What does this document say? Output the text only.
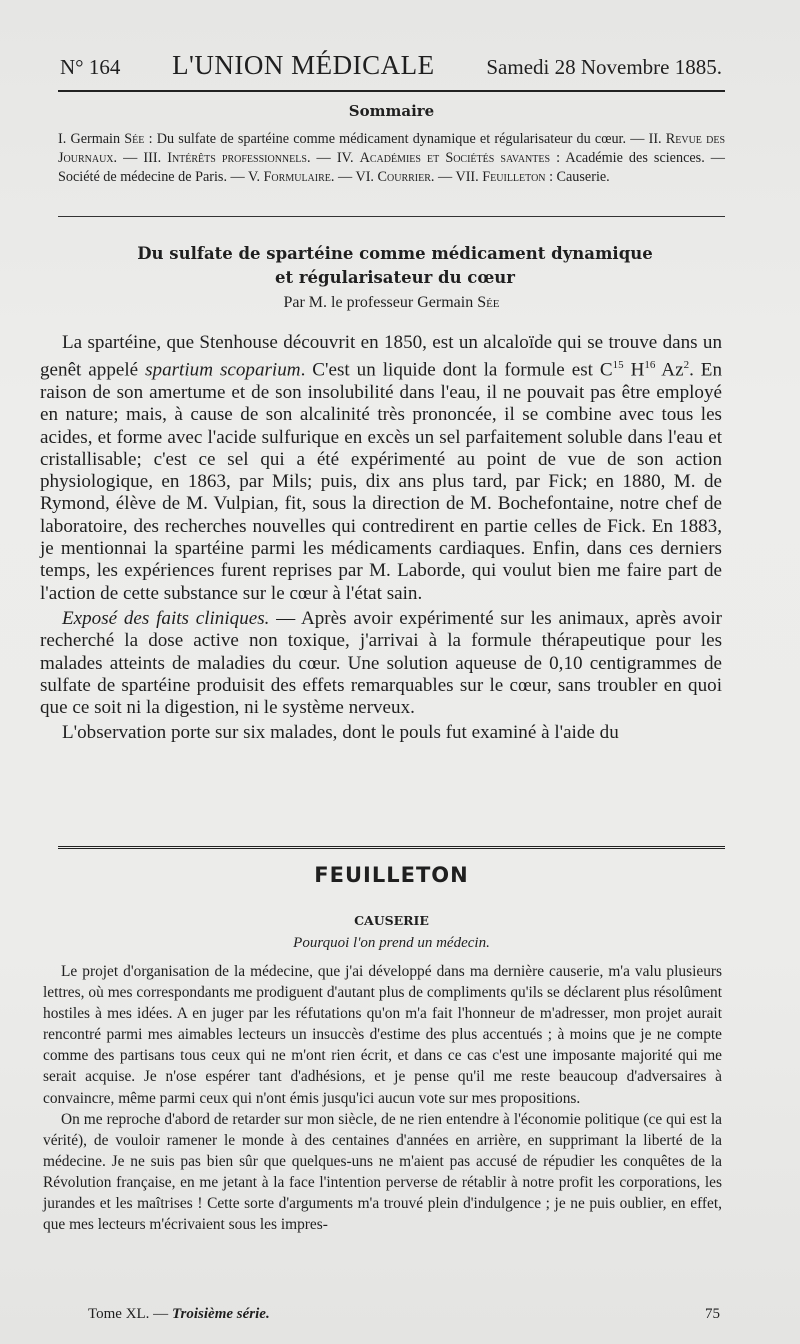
N° 164 L'UNION MÉDICALE Samedi 28 Novembre 1885.
Sommaire
I. Germain Sée : Du sulfate de spartéine comme médicament dynamique et régularisateur du cœur. — II. Revue des Journaux. — III. Intérêts professionnels. — IV. Académies et Sociétés savantes : Académie des sciences. — Société de médecine de Paris. — V. Formulaire. — VI. Courrier. — VII. Feuilleton : Causerie.
Du sulfate de spartéine comme médicament dynamique
et régularisateur du cœur
Par M. le professeur Germain Sée

La spartéine, que Stenhouse découvrit en 1850, est un alcaloïde qui se trouve dans un genêt appelé spartium scoparium. C'est un liquide dont la formule est $C^{15}$ $H^{16}$ Az$^2$. En raison de son amertume et de son insolubilité dans l'eau, il ne pouvait pas être employé en nature; mais, à cause de son alcalinité très prononcée, il se combine avec tous les acides, et forme avec l'acide sulfurique en excès un sel parfaitement soluble dans l'eau et cristallisable; c'est ce sel qui a été expérimenté au point de vue de son action physiologique, en 1863, par Mils; puis, dix ans plus tard, par Fick; en 1880, M. de Rymond, élève de M. Vulpian, fit, sous la direction de M. Bochefontaine, notre chef de laboratoire, des recherches nouvelles qui contredirent en partie celles de Fick. En 1883, je mentionnai la spartéine parmi les médicaments cardiaques. Enfin, dans ces derniers temps, les expériences furent reprises par M. Laborde, qui voulut bien me faire part de l'action de cette substance sur le cœur à l'état sain.

Exposé des faits cliniques. — Après avoir expérimenté sur les animaux, après avoir recherché la dose active non toxique, j'arrivai à la formule thérapeutique pour les malades atteints de maladies du cœur. Une solution aqueuse de 0,10 centigrammes de sulfate de spartéine produisit des effets remarquables sur le cœur, sans troubler en quoi que ce soit ni la digestion, ni le système nerveux.

L'observation porte sur six malades, dont le pouls fut examiné à l'aide du

FEUILLETON
CAUSERIE
Pourquoi l'on prend un médecin.

Le projet d'organisation de la médecine, que j'ai développé dans ma dernière causerie, m'a valu plusieurs lettres, où mes correspondants me prodiguent d'autant plus de compliments qu'ils se déclarent plus résolûment hostiles à mes idées. A en juger par les réfutations qu'on m'a fait l'honneur de m'adresser, mon projet aurait rencontré parmi mes aimables lecteurs un insuccès d'estime des plus accentués ; à moins que je ne compte comme des partisans tous ceux qui ne m'ont rien écrit, et dans ce cas c'est une imposante majorité qui me serait acquise. Je n'ose espérer tant d'adhésions, et je pense qu'il me reste beaucoup d'adversaires à convaincre, même parmi ceux qui n'ont émis jusqu'ici aucun vote sur mes propositions.

On me reproche d'abord de retarder sur mon siècle, de ne rien entendre à l'économie politique (ce qui est la vérité), de vouloir ramener le monde à des centaines d'années en arrière, en supprimant la liberté de la médecine. Je ne suis pas bien sûr que quelques-uns ne m'aient pas accusé de répudier les conquêtes de la Révolution française, en me jetant à la face l'intention perverse de rétablir à notre profit les corporations, les jurandes et les maîtrises ! Cette sorte d'arguments m'a trouvé plein d'indulgence ; je ne puis oublier, en effet, que mes lecteurs m'écrivaient sous les impres-

Tome XL. — Troisième série.	75
